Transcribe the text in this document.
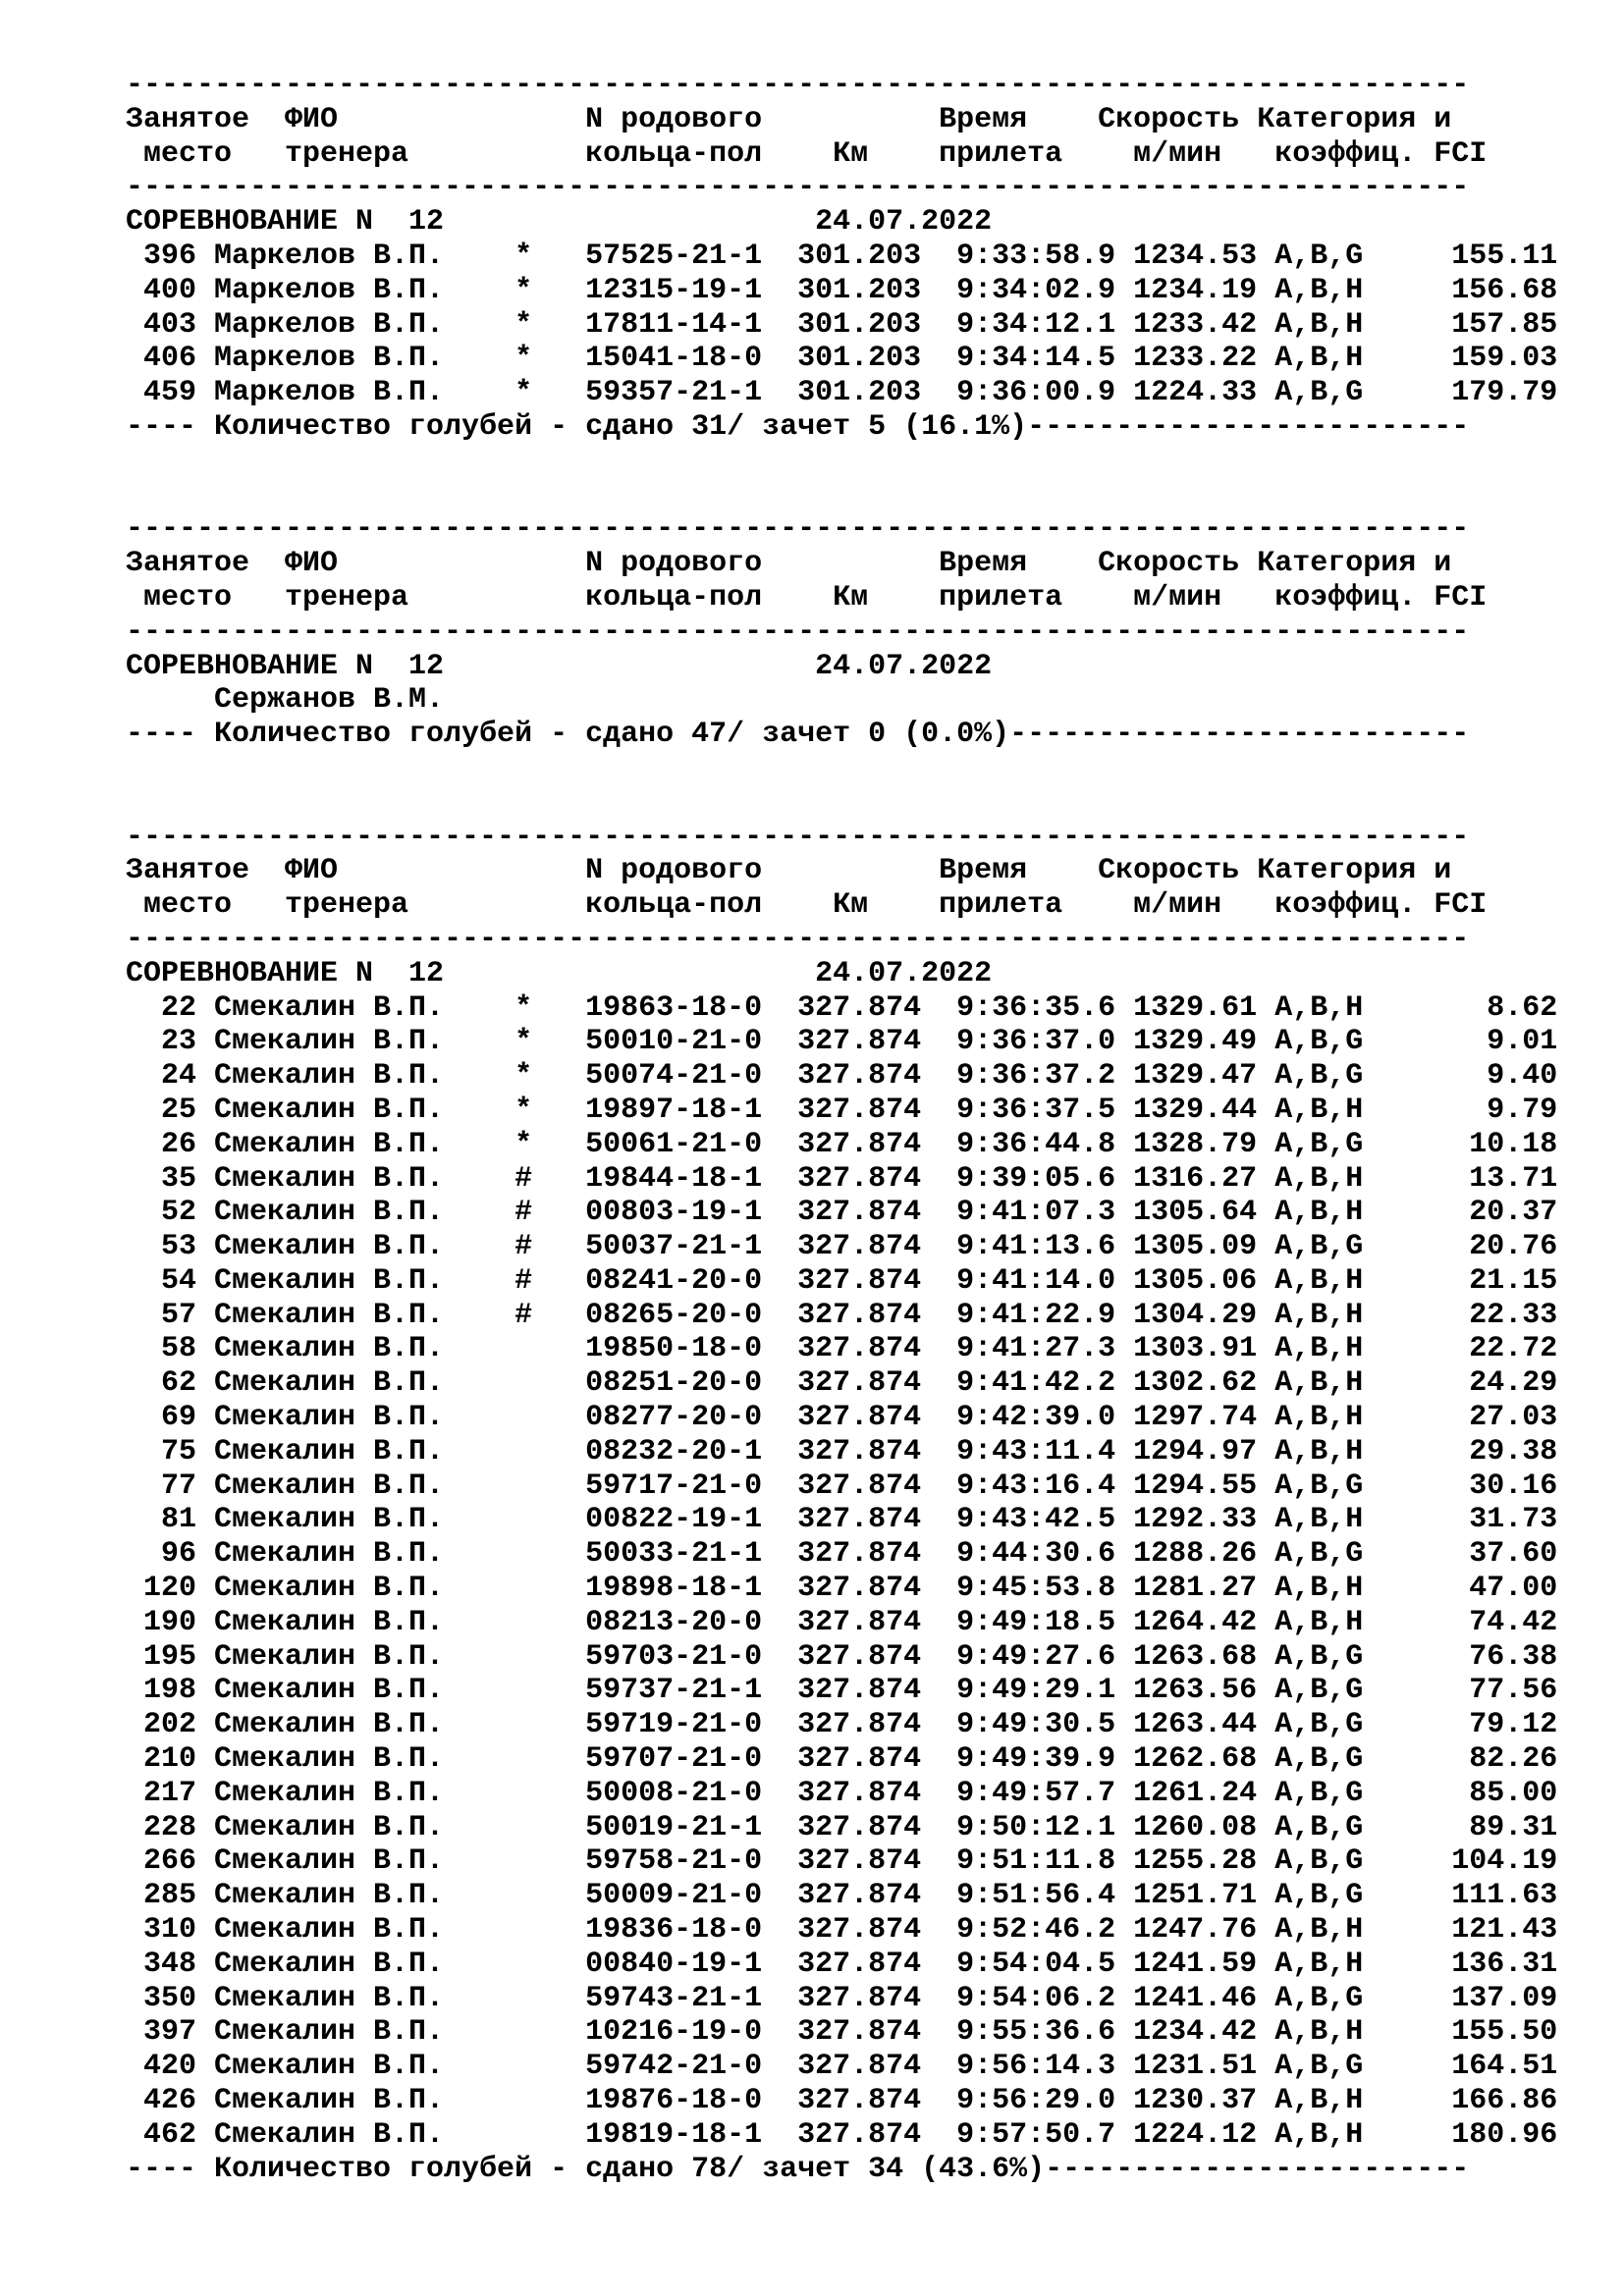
----------------------------------------------------------------------------
Занятое  ФИО              N родового          Время    Скорость Категория и
место   тренера          кольца-пол    Км    прилета    м/мин   коэффиц. FCI
----------------------------------------------------------------------------
СОРЕВНОВАНИЕ N  12                     24.07.2022
396 Маркелов В.П.    *   57525-21-1  301.203  9:33:58.9 1234.53 A,B,G     155.11
400 Маркелов В.П.    *   12315-19-1  301.203  9:34:02.9 1234.19 A,B,H     156.68
403 Маркелов В.П.    *   17811-14-1  301.203  9:34:12.1 1233.42 A,B,H     157.85
406 Маркелов В.П.    *   15041-18-0  301.203  9:34:14.5 1233.22 A,B,H     159.03
459 Маркелов В.П.    *   59357-21-1  301.203  9:36:00.9 1224.33 A,B,G     179.79
---- Количество голубей - сдано 31/ зачет 5 (16.1%)-------------------------
----------------------------------------------------------------------------
Занятое  ФИО              N родового          Время    Скорость Категория и
место   тренера          кольца-пол    Км    прилета    м/мин   коэффиц. FCI
----------------------------------------------------------------------------
СОРЕВНОВАНИЕ N  12                     24.07.2022
Сержанов В.М.
---- Количество голубей - сдано 47/ зачет 0 (0.0%)--------------------------
----------------------------------------------------------------------------
Занятое  ФИО              N родового          Время    Скорость Категория и
место   тренера          кольца-пол    Км    прилета    м/мин   коэффиц. FCI
----------------------------------------------------------------------------
СОРЕВНОВАНИЕ N  12                     24.07.2022
22 Смекалин В.П.    *   19863-18-0  327.874  9:36:35.6 1329.61 A,B,H       8.62
23 Смекалин В.П.    *   50010-21-0  327.874  9:36:37.0 1329.49 A,B,G       9.01
24 Смекалин В.П.    *   50074-21-0  327.874  9:36:37.2 1329.47 A,B,G       9.40
25 Смекалин В.П.    *   19897-18-1  327.874  9:36:37.5 1329.44 A,B,H       9.79
26 Смекалин В.П.    *   50061-21-0  327.874  9:36:44.8 1328.79 A,B,G      10.18
35 Смекалин В.П.    #   19844-18-1  327.874  9:39:05.6 1316.27 A,B,H      13.71
52 Смекалин В.П.    #   00803-19-1  327.874  9:41:07.3 1305.64 A,B,H      20.37
53 Смекалин В.П.    #   50037-21-1  327.874  9:41:13.6 1305.09 A,B,G      20.76
54 Смекалин В.П.    #   08241-20-0  327.874  9:41:14.0 1305.06 A,B,H      21.15
57 Смекалин В.П.    #   08265-20-0  327.874  9:41:22.9 1304.29 A,B,H      22.33
58 Смекалин В.П.        19850-18-0  327.874  9:41:27.3 1303.91 A,B,H      22.72
62 Смекалин В.П.        08251-20-0  327.874  9:41:42.2 1302.62 A,B,H      24.29
69 Смекалин В.П.        08277-20-0  327.874  9:42:39.0 1297.74 A,B,H      27.03
75 Смекалин В.П.        08232-20-1  327.874  9:43:11.4 1294.97 A,B,H      29.38
77 Смекалин В.П.        59717-21-0  327.874  9:43:16.4 1294.55 A,B,G      30.16
81 Смекалин В.П.        00822-19-1  327.874  9:43:42.5 1292.33 A,B,H      31.73
96 Смекалин В.П.        50033-21-1  327.874  9:44:30.6 1288.26 A,B,G      37.60
120 Смекалин В.П.        19898-18-1  327.874  9:45:53.8 1281.27 A,B,H      47.00
190 Смекалин В.П.        08213-20-0  327.874  9:49:18.5 1264.42 A,B,H      74.42
195 Смекалин В.П.        59703-21-0  327.874  9:49:27.6 1263.68 A,B,G      76.38
198 Смекалин В.П.        59737-21-1  327.874  9:49:29.1 1263.56 A,B,G      77.56
202 Смекалин В.П.        59719-21-0  327.874  9:49:30.5 1263.44 A,B,G      79.12
210 Смекалин В.П.        59707-21-0  327.874  9:49:39.9 1262.68 A,B,G      82.26
217 Смекалин В.П.        50008-21-0  327.874  9:49:57.7 1261.24 A,B,G      85.00
228 Смекалин В.П.        50019-21-1  327.874  9:50:12.1 1260.08 A,B,G      89.31
266 Смекалин В.П.        59758-21-0  327.874  9:51:11.8 1255.28 A,B,G     104.19
285 Смекалин В.П.        50009-21-0  327.874  9:51:56.4 1251.71 A,B,G     111.63
310 Смекалин В.П.        19836-18-0  327.874  9:52:46.2 1247.76 A,B,H     121.43
348 Смекалин В.П.        00840-19-1  327.874  9:54:04.5 1241.59 A,B,H     136.31
350 Смекалин В.П.        59743-21-1  327.874  9:54:06.2 1241.46 A,B,G     137.09
397 Смекалин В.П.        10216-19-0  327.874  9:55:36.6 1234.42 A,B,H     155.50
420 Смекалин В.П.        59742-21-0  327.874  9:56:14.3 1231.51 A,B,G     164.51
426 Смекалин В.П.        19876-18-0  327.874  9:56:29.0 1230.37 A,B,H     166.86
462 Смекалин В.П.        19819-18-1  327.874  9:57:50.7 1224.12 A,B,H     180.96
---- Количество голубей - сдано 78/ зачет 34 (43.6%)------------------------
